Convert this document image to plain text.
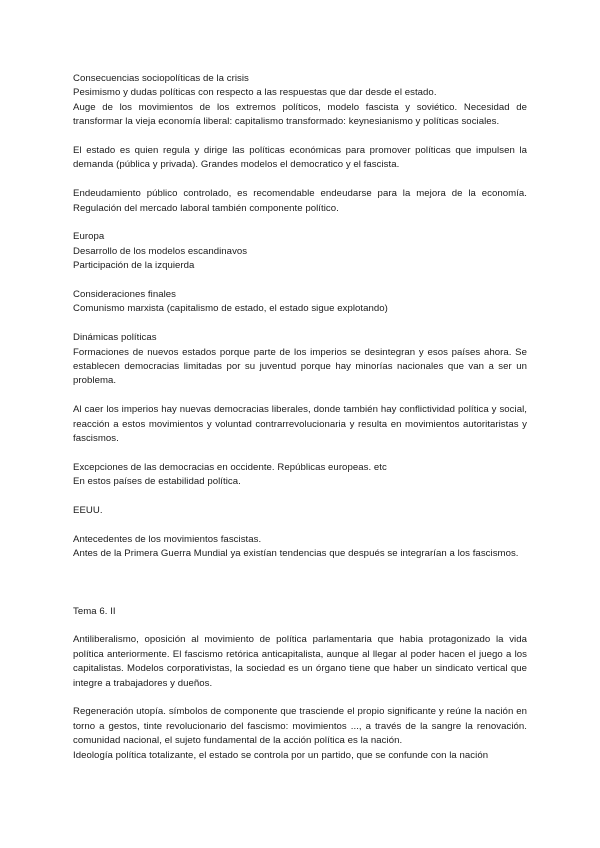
Consecuencias sociopolíticas de la crisis
Pesimismo y dudas políticas con respecto a las respuestas que dar desde el estado.
Auge de los movimientos de los extremos políticos, modelo fascista y soviético. Necesidad de transformar la vieja economía liberal: capitalismo transformado: keynesianismo y políticas sociales.
El estado es quien regula y dirige las políticas económicas para promover políticas que impulsen la demanda (pública y privada). Grandes modelos el democratico y el fascista.
Endeudamiento público controlado, es recomendable endeudarse para la mejora de la economía. Regulación del mercado laboral también componente político.
Europa
Desarrollo de los modelos escandinavos
Participación de la izquierda
Consideraciones finales
Comunismo marxista (capitalismo de estado, el estado sigue explotando)
Dinámicas políticas
Formaciones de nuevos estados porque parte de los imperios se desintegran y esos países ahora. Se establecen democracias limitadas por su juventud porque hay minorías nacionales que van a ser un problema.
Al caer los imperios hay nuevas democracias liberales, donde también hay conflictividad política y social, reacción a estos movimientos y voluntad contrarrevolucionaria y resulta en movimientos autoritaristas y fascismos.
Excepciones de las democracias en occidente. Repúblicas europeas. etc
En estos países de estabilidad política.
EEUU.
Antecedentes de los movimientos fascistas.
Antes de la Primera Guerra Mundial ya existían tendencias que después se integrarían a los fascismos.
Tema 6. II
Antiliberalismo, oposición al movimiento de política parlamentaria que habia protagonizado la vida política anteriormente. El fascismo retórica anticapitalista, aunque al llegar al poder hacen el juego a los capitalistas. Modelos corporativistas, la sociedad es un órgano tiene que haber un sindicato vertical que integre a trabajadores y dueños.
Regeneración utopía. símbolos de componente que trasciende el propio significante y reúne la nación en torno a gestos, tinte revolucionario del fascismo: movimientos ..., a través de la sangre la renovación. comunidad nacional, el sujeto fundamental de la acción política es la nación.
Ideología política totalizante, el estado se controla por un partido, que se confunde con la nación
